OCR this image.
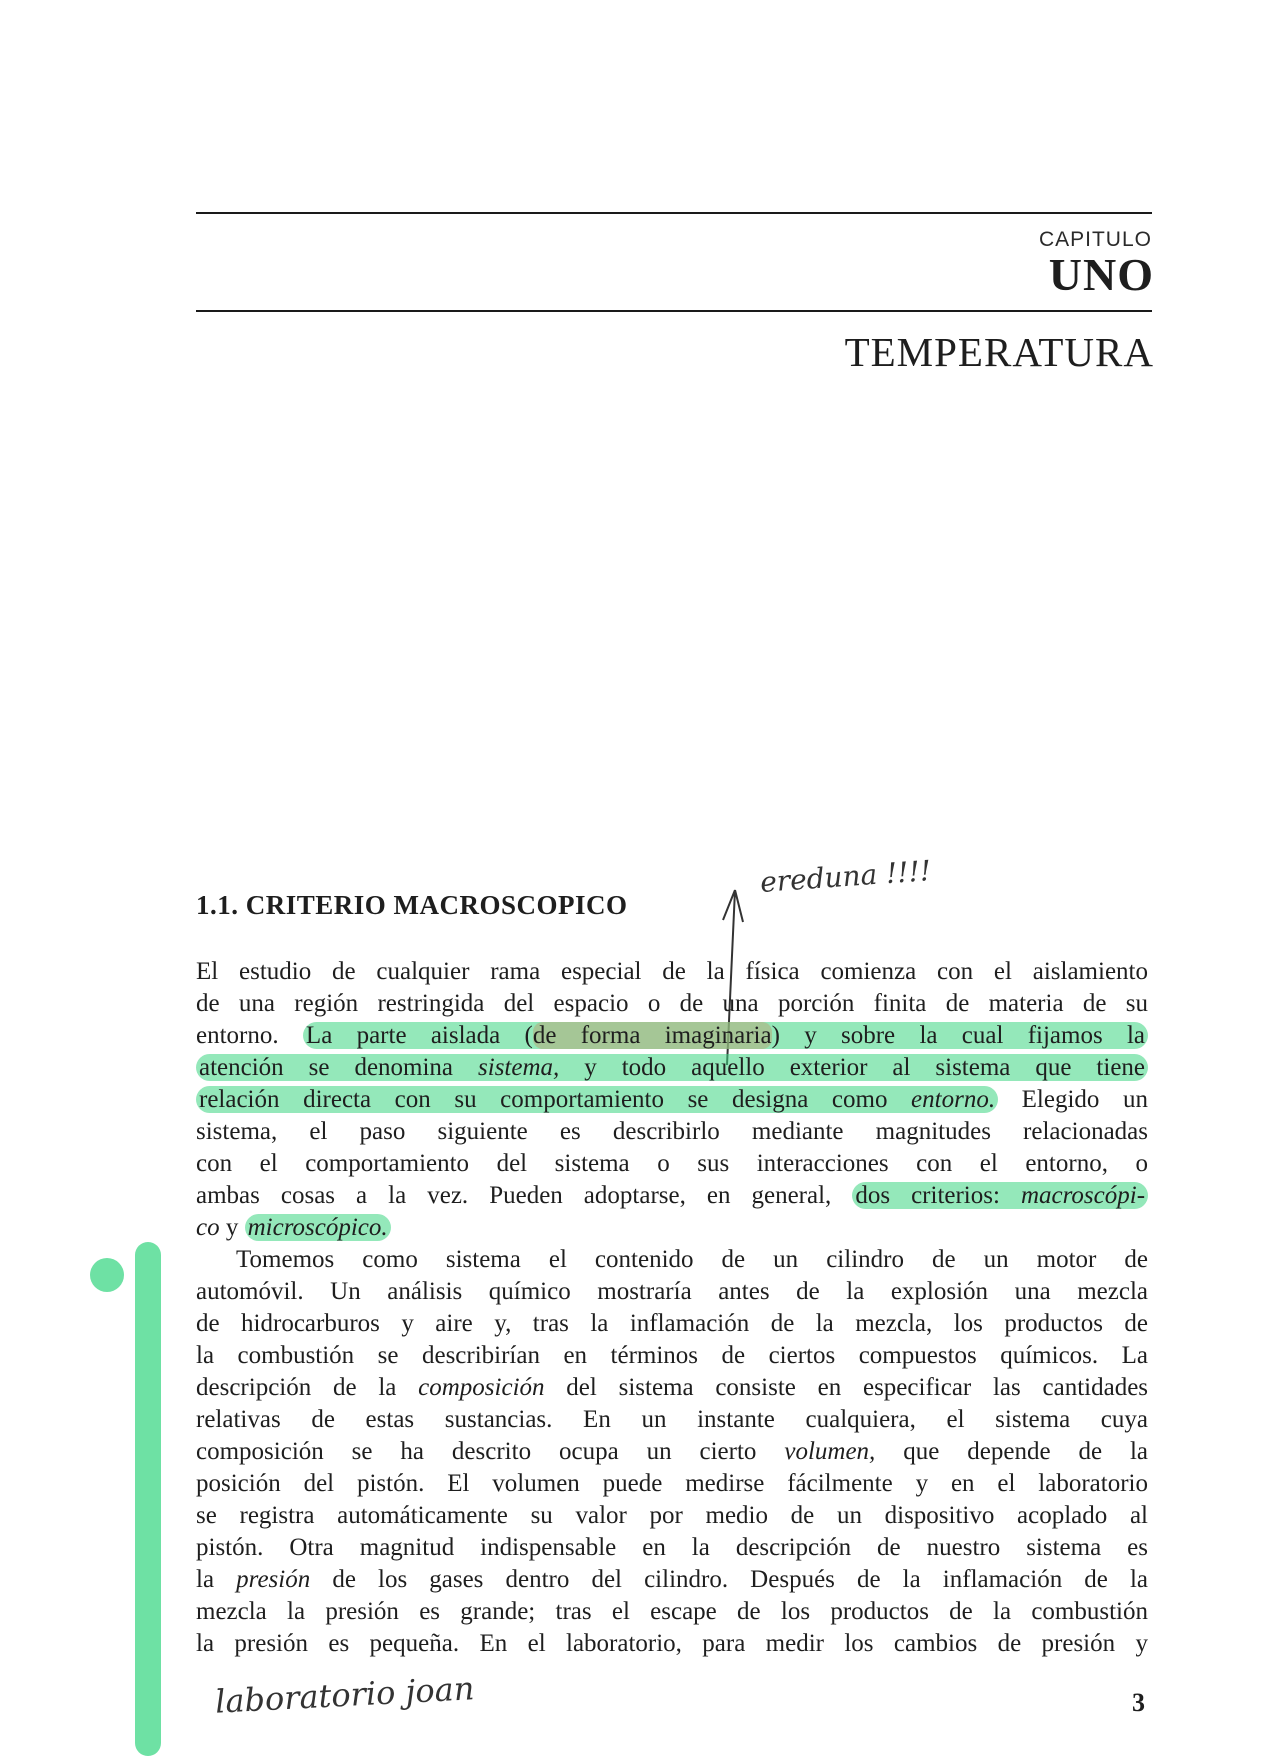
CAPITULO
UNO
TEMPERATURA
1.1. CRITERIO MACROSCOPICO
ereduna !!!!
El estudio de cualquier rama especial de la física comienza con el aislamiento
de una región restringida del espacio o de una porción finita de materia de su
entorno. La parte aislada (de forma imaginaria) y sobre la cual fijamos la
atención se denomina sistema, y todo aquello exterior al sistema que tiene
relación directa con su comportamiento se designa como entorno. Elegido un
sistema, el paso siguiente es describirlo mediante magnitudes relacionadas
con el comportamiento del sistema o sus interacciones con el entorno, o
ambas cosas a la vez. Pueden adoptarse, en general, dos criterios: macroscópi-
co y microscópico.
Tomemos como sistema el contenido de un cilindro de un motor de
automóvil. Un análisis químico mostraría antes de la explosión una mezcla
de hidrocarburos y aire y, tras la inflamación de la mezcla, los productos de
la combustión se describirían en términos de ciertos compuestos químicos. La
descripción de la composición del sistema consiste en especificar las cantidades
relativas de estas sustancias. En un instante cualquiera, el sistema cuya
composición se ha descrito ocupa un cierto volumen, que depende de la
posición del pistón. El volumen puede medirse fácilmente y en el laboratorio
se registra automáticamente su valor por medio de un dispositivo acoplado al
pistón. Otra magnitud indispensable en la descripción de nuestro sistema es
la presión de los gases dentro del cilindro. Después de la inflamación de la
mezcla la presión es grande; tras el escape de los productos de la combustión
la presión es pequeña. En el laboratorio, para medir los cambios de presión y
laboratorio joan	3
